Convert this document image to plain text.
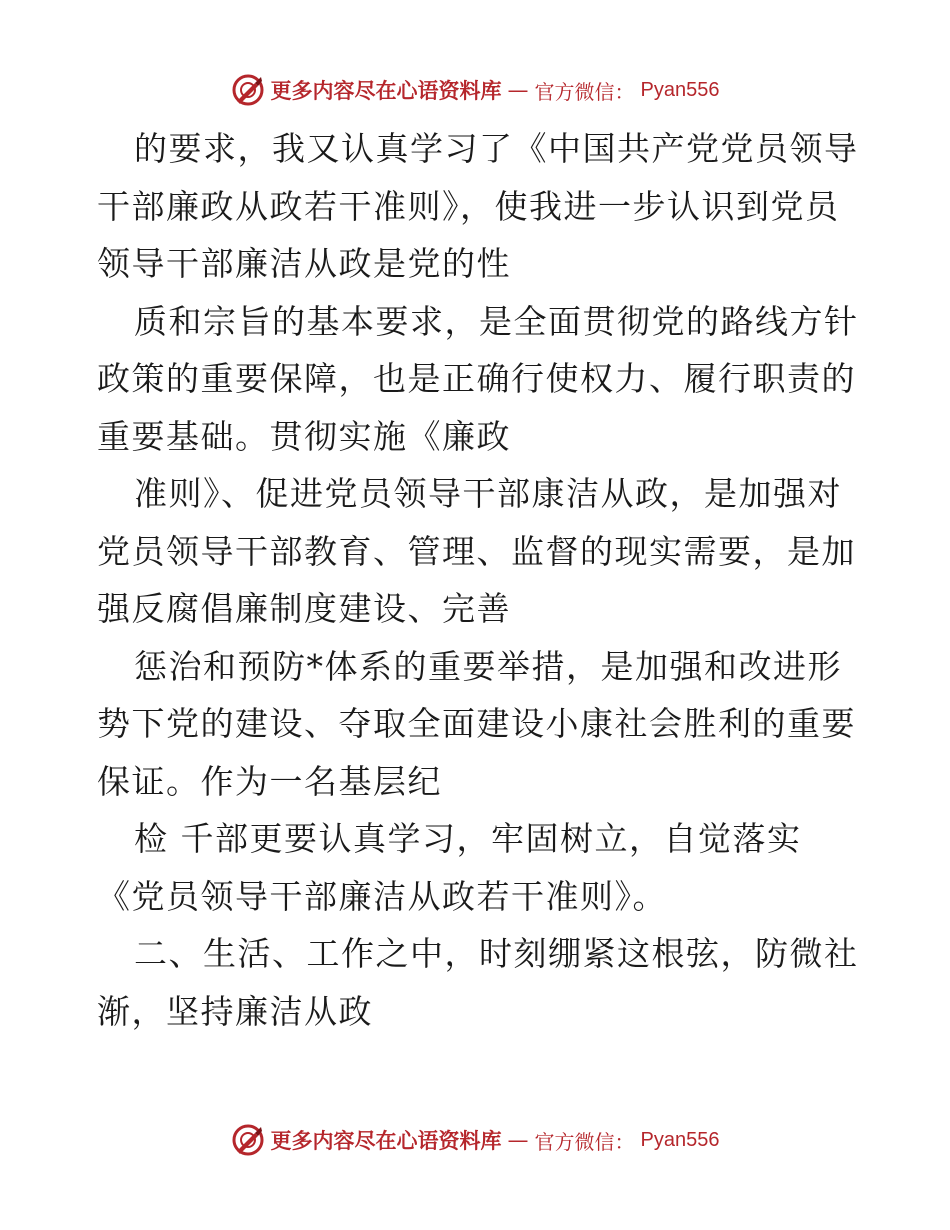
更多内容尽在心语资料库 — 官方微信： Pyan556

的要求，我又认真学习了《中国共产党党员领导

干部廉政从政若干准则》，使我进一步认识到党员

领导干部廉洁从政是党的性

质和宗旨的基本要求，是全面贯彻党的路线方针

政策的重要保障，也是正确行使权力、履行职责的

重要基础。贯彻实施《廉政

准则》、促进党员领导干部康洁从政，是加强对

党员领导干部教育、管理、监督的现实需要，是加

强反腐倡廉制度建设、完善

惩治和预防*体系的重要举措，是加强和改进形

势下党的建设、夺取全面建设小康社会胜利的重要

保证。作为一名基层纪

检 千部更要认真学习，牢固树立，自觉落实

《党员领导干部廉洁从政若干准则》。

二、生活、工作之中，时刻绷紧这根弦，防微社

渐，坚持廉洁从政

更多内容尽在心语资料库 — 官方微信： Pyan556
